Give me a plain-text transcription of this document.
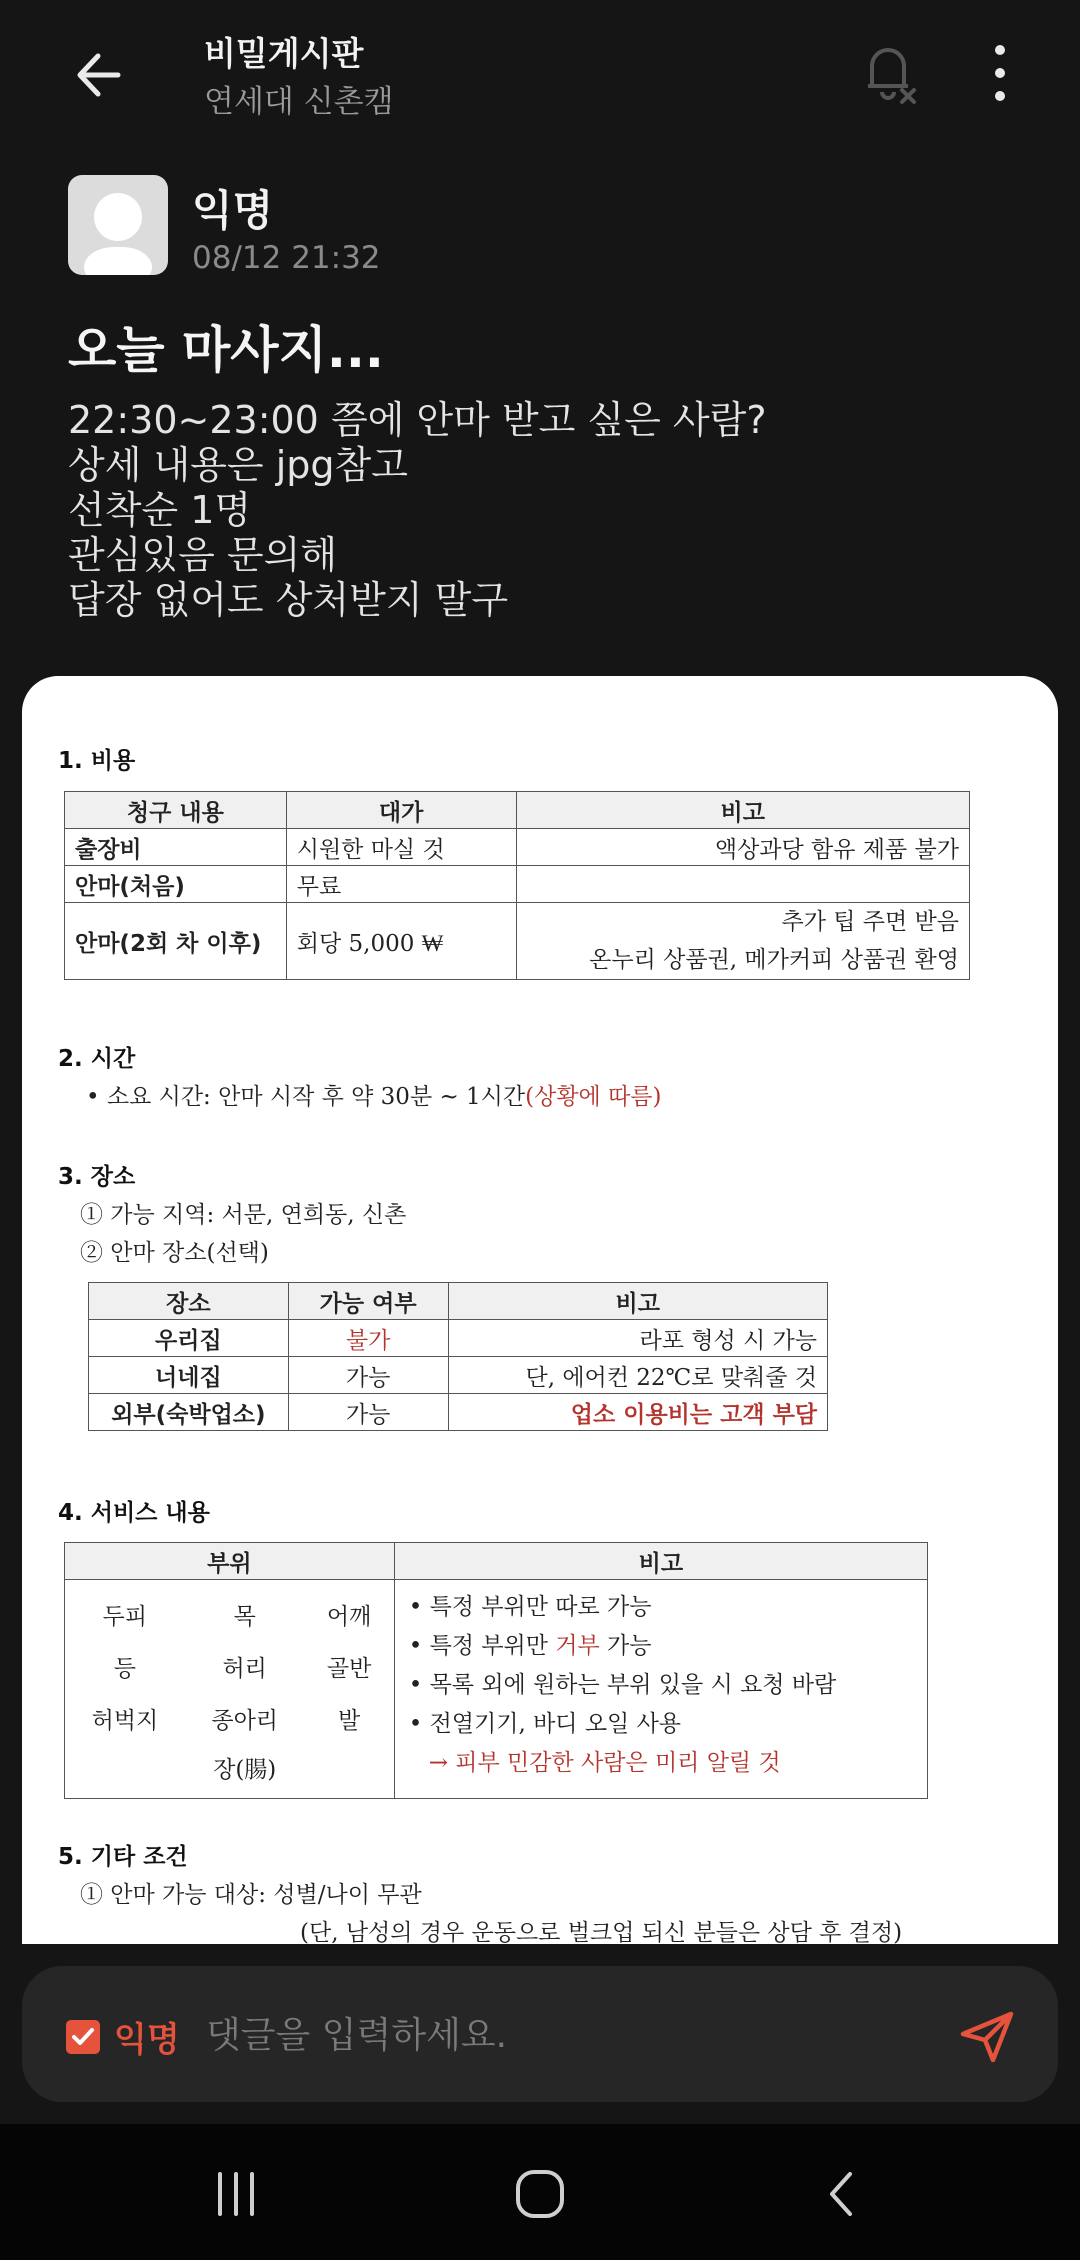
비밀게시판
연세대 신촌캠
익명
08/12 21:32
오늘 마사지...
22:30~23:00 쯤에 안마 받고 싶은 사람?
상세 내용은 jpg참고
선착순 1명
관심있음 문의해
답장 없어도 상처받지 말구
1. 비용
청구 내용	대가	비고
출장비	시원한 마실 것	액상과당 함유 제품 불가
안마(처음)	무료	
안마(2회 차 이후)	회당 5,000 ₩	추가 팁 주면 받음
온누리 상품권, 메가커피 상품권 환영
2. 시간
• 소요 시간: 안마 시작 후 약 30분 ~ 1시간(상황에 따름)
3. 장소
① 가능 지역: 서문, 연희동, 신촌
② 안마 장소(선택)
장소	가능 여부	비고
우리집	불가	라포 형성 시 가능
너네집	가능	단, 에어컨 22℃로 맞춰줄 것
외부(숙박업소)	가능	업소 이용비는 고객 부담
4. 서비스 내용
부위	비고

두피	목	어깨
등	허리	골반
허벅지	종아리	발
	장(腸)	

• 특정 부위만 따로 가능
• 특정 부위만 거부 가능
• 목록 외에 원하는 부위 있을 시 요청 바람
• 전열기기, 바디 오일 사용
→ 피부 민감한 사람은 미리 알릴 것
5. 기타 조건
① 안마 가능 대상: 성별/나이 무관
(단, 남성의 경우 운동으로 벌크업 되신 분들은 상담 후 결정)
익명
댓글을 입력하세요.
